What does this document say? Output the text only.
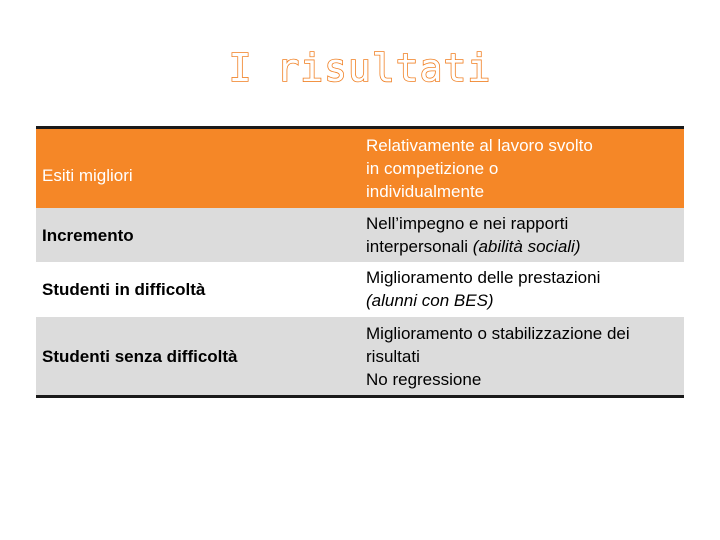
I risultati
Esiti migliori
Relativamente al lavoro svolto
in competizione o
individualmente
Incremento
Nell’impegno e nei rapporti
interpersonali (abilità sociali)
Studenti in difficoltà
Miglioramento delle prestazioni
(alunni con BES)
Studenti senza difficoltà
Miglioramento o stabilizzazione dei
risultati
No regressione
